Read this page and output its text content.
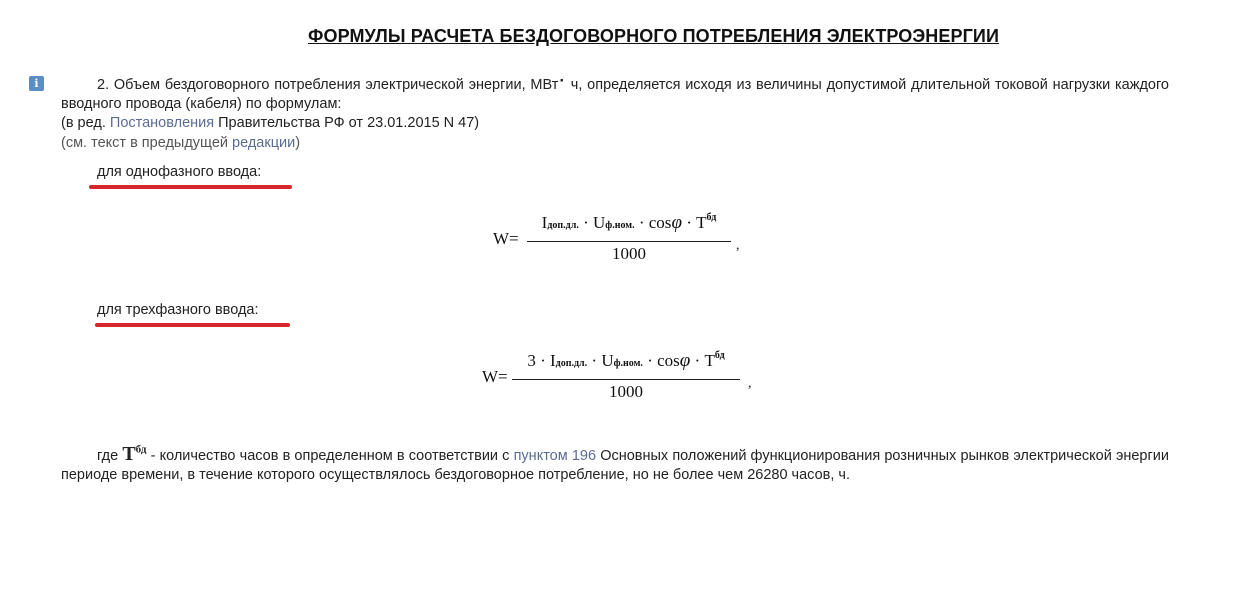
ФОРМУЛЫ РАСЧЕТА БЕЗДОГОВОРНОГО ПОТРЕБЛЕНИЯ ЭЛЕКТРОЭНЕРГИИ
i	2. Объем бездоговорного потребления электрической энергии, МВт· ч, определяется исходя из величины допустимой длительной токовой нагрузки каждого вводного провода (кабеля) по формулам:

(в ред. Постановления Правительства РФ от 23.01.2015 N 47)
(см. текст в предыдущей редакции)
для однофазного ввода:
W=
Iдоп.дл. · Uф.ном. · $\cos\varphi \cdot T^{бд}$
1000	,
для трехфазного ввода:
W=
3 · Iдоп.дл. · Uф.ном. · $\cos\varphi \cdot T^{бд}$
1000	,

где $T^{бд}$ - количество часов в определенном в соответствии с пунктом 196 Основных положений функционирования розничных рынков электрической энергии периоде времени, в течение которого осуществлялось бездоговорное потребление, но не более чем 26280 часов, ч.
